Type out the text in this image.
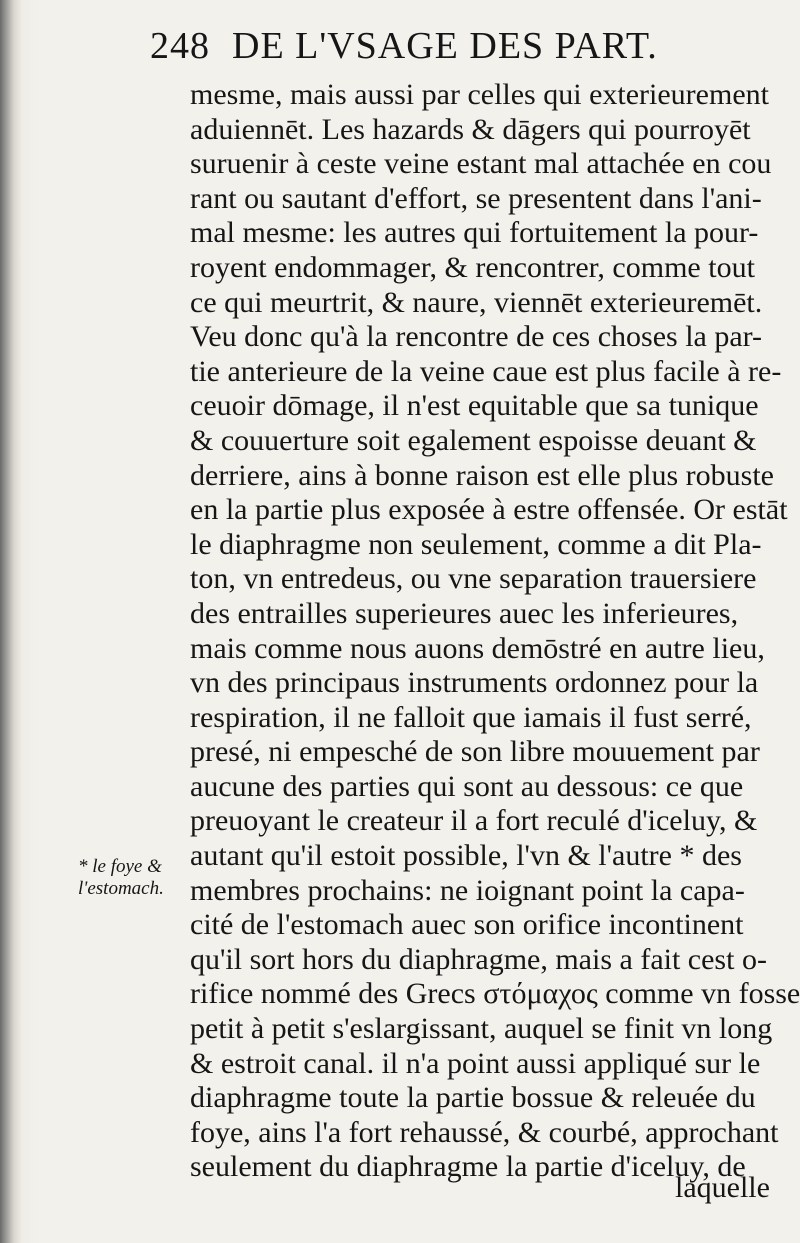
248 DE L'VSAGE DES PART.
* le foye &
l'estomach.
mesme, mais aussi par celles qui exterieurement
aduiennēt. Les hazards & dāgers qui pourroyēt
suruenir à ceste veine estant mal attachée en cou
rant ou sautant d'effort, se presentent dans l'ani-
mal mesme: les autres qui fortuitement la pour-
royent endommager, & rencontrer, comme tout
ce qui meurtrit, & naure, viennēt exterieuremēt.
Veu donc qu'à la rencontre de ces choses la par-
tie anterieure de la veine caue est plus facile à re-
ceuoir dōmage, il n'est equitable que sa tunique
& couuerture soit egalement espoisse deuant &
derriere, ains à bonne raison est elle plus robuste
en la partie plus exposée à estre offensée. Or estāt
le diaphragme non seulement, comme a dit Pla-
ton, vn entredeus, ou vne separation trauersiere
des entrailles superieures auec les inferieures,
mais comme nous auons demōstré en autre lieu,
vn des principaus instruments ordonnez pour la
respiration, il ne falloit que iamais il fust serré,
presé, ni empesché de son libre mouuement par
aucune des parties qui sont au dessous: ce que
preuoyant le createur il a fort reculé d'iceluy, &
autant qu'il estoit possible, l'vn & l'autre * des
membres prochains: ne ioignant point la capa-
cité de l'estomach auec son orifice incontinent
qu'il sort hors du diaphragme, mais a fait cest o-
rifice nommé des Grecs στόμαχος comme vn fosse
petit à petit s'eslargissant, auquel se finit vn long
& estroit canal. il n'a point aussi appliqué sur le
diaphragme toute la partie bossue & releuée du
foye, ains l'a fort rehaussé, & courbé, approchant
seulement du diaphragme la partie d'iceluy, de
laquelle
